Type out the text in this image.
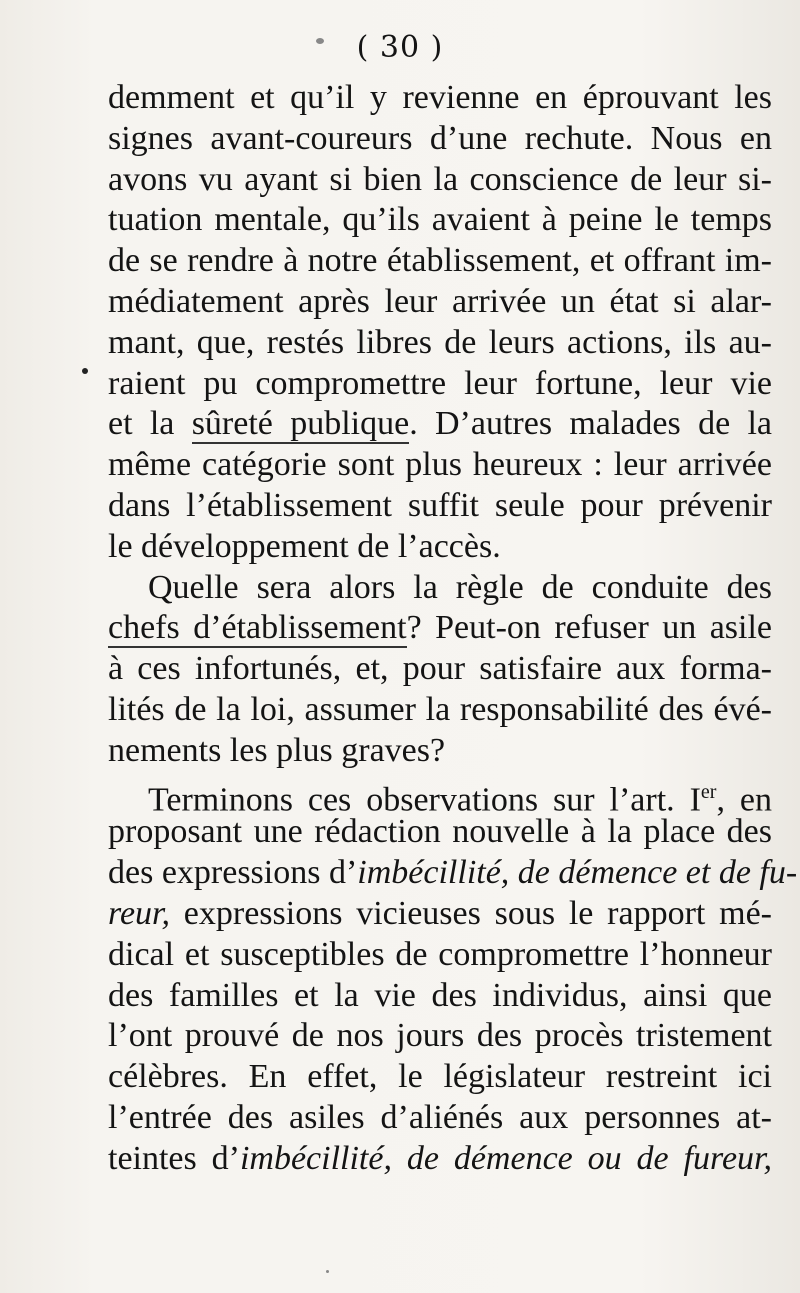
( 30 )
demment et qu’il y revienne en éprouvant les
signes avant-coureurs d’une rechute. Nous en
avons vu ayant si bien la conscience de leur si-
tuation mentale, qu’ils avaient à peine le temps
de se rendre à notre établissement, et offrant im-
médiatement après leur arrivée un état si alar-
mant, que, restés libres de leurs actions, ils au-
raient pu compromettre leur fortune, leur vie
et la sûreté publique. D’autres malades de la
même catégorie sont plus heureux : leur arrivée
dans l’établissement suffit seule pour prévenir
le développement de l’accès.
Quelle sera alors la règle de conduite des
chefs d’établissement? Peut-on refuser un asile
à ces infortunés, et, pour satisfaire aux forma-
lités de la loi, assumer la responsabilité des évé-
nements les plus graves?
Terminons ces observations sur l’art. Ier, en
proposant une rédaction nouvelle à la place des
des expressions d’imbécillité, de démence et de fu-
reur, expressions vicieuses sous le rapport mé-
dical et susceptibles de compromettre l’honneur
des familles et la vie des individus, ainsi que
l’ont prouvé de nos jours des procès tristement
célèbres. En effet, le législateur restreint ici
l’entrée des asiles d’aliénés aux personnes at-
teintes d’imbécillité, de démence ou de fureur,
